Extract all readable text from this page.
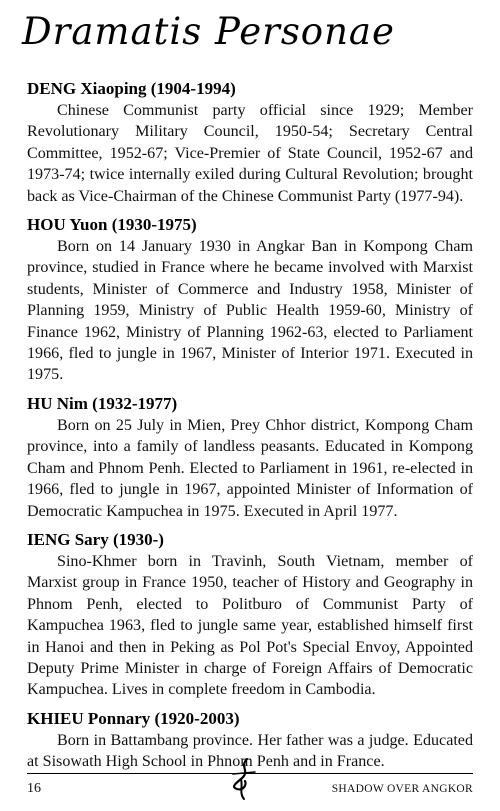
Dramatis Personae
DENG Xiaoping (1904-1994)

Chinese Communist party official since 1929; Member Revolutionary Military Council, 1950-54; Secretary Central Committee, 1952-67; Vice-Premier of State Council, 1952-67 and 1973-74; twice internally exiled during Cultural Revolution; brought back as Vice-Chairman of the Chinese Communist Party (1977-94).

HOU Yuon (1930-1975)

Born on 14 January 1930 in Angkar Ban in Kompong Cham province, studied in France where he became involved with Marxist students, Minister of Commerce and Industry 1958, Minister of Planning 1959, Ministry of Public Health 1959-60, Ministry of Finance 1962, Ministry of Planning 1962-63, elected to Parliament 1966, fled to jungle in 1967, Minister of Interior 1971. Executed in 1975.

HU Nim (1932-1977)

Born on 25 July in Mien, Prey Chhor district, Kompong Cham province, into a family of landless peasants. Educated in Kompong Cham and Phnom Penh. Elected to Parliament in 1961, re-elected in 1966, fled to jungle in 1967, appointed Minister of Information of Democratic Kampuchea in 1975. Executed in April 1977.

IENG Sary (1930-)

Sino-Khmer born in Travinh, South Vietnam, member of Marxist group in France 1950, teacher of History and Geography in Phnom Penh, elected to Politburo of Communist Party of Kampuchea 1963, fled to jungle same year, established himself first in Hanoi and then in Peking as Pol Pot's Special Envoy, Appointed Deputy Prime Minister in charge of Foreign Affairs of Democratic Kampuchea. Lives in complete freedom in Cambodia.

KHIEU Ponnary (1920-2003)

Born in Battambang province. Her father was a judge. Educated at Sisowath High School in Phnom Penh and in France.

16	SHADOW OVER ANGKOR
